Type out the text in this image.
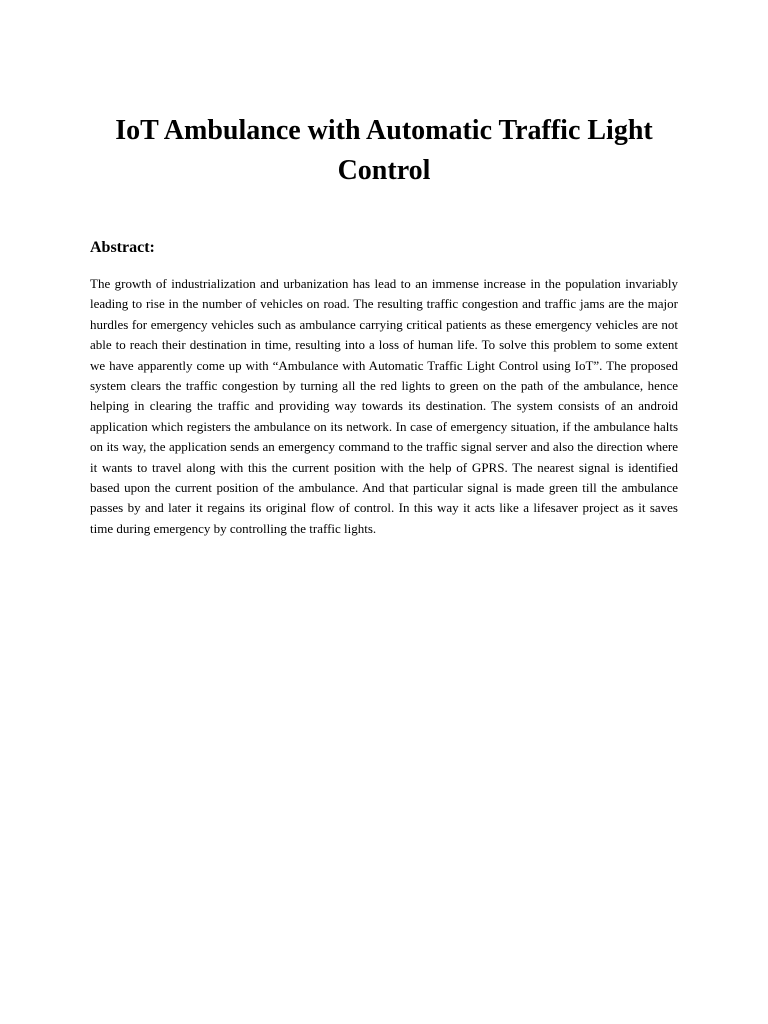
IoT Ambulance with Automatic Traffic Light Control
Abstract:

The growth of industrialization and urbanization has lead to an immense increase in the population invariably leading to rise in the number of vehicles on road. The resulting traffic congestion and traffic jams are the major hurdles for emergency vehicles such as ambulance carrying critical patients as these emergency vehicles are not able to reach their destination in time, resulting into a loss of human life. To solve this problem to some extent we have apparently come up with “Ambulance with Automatic Traffic Light Control using IoT”. The proposed system clears the traffic congestion by turning all the red lights to green on the path of the ambulance, hence helping in clearing the traffic and providing way towards its destination. The system consists of an android application which registers the ambulance on its network. In case of emergency situation, if the ambulance halts on its way, the application sends an emergency command to the traffic signal server and also the direction where it wants to travel along with this the current position with the help of GPRS. The nearest signal is identified based upon the current position of the ambulance. And that particular signal is made green till the ambulance passes by and later it regains its original flow of control. In this way it acts like a lifesaver project as it saves time during emergency by controlling the traffic lights.
